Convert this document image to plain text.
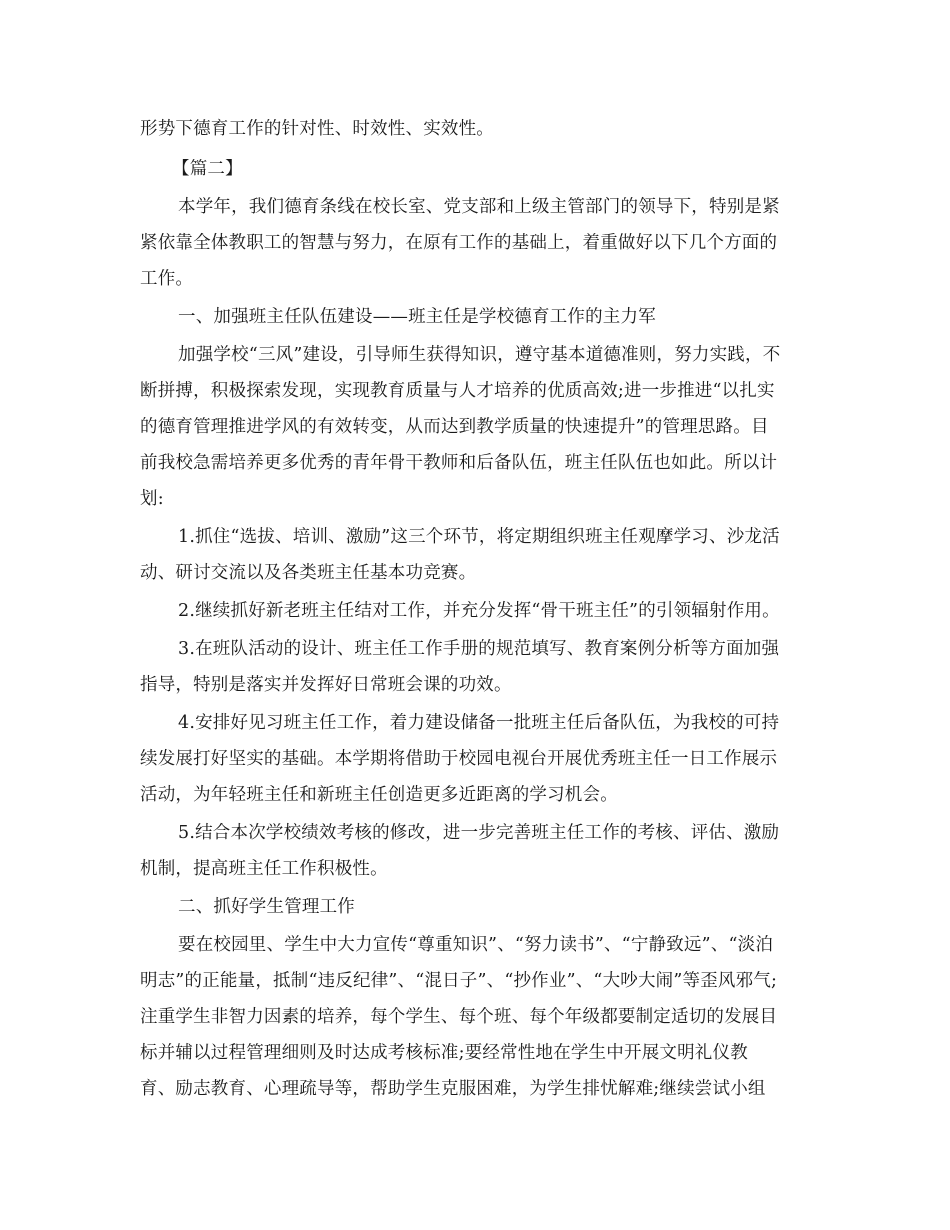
形势下德育工作的针对性、时效性、实效性。
【篇二】
本学年，我们德育条线在校长室、党支部和上级主管部门的领导下，特别是紧
紧依靠全体教职工的智慧与努力，在原有工作的基础上，着重做好以下几个方面的
工作。
一、加强班主任队伍建设——班主任是学校德育工作的主力军
加强学校“三风”建设，引导师生获得知识，遵守基本道德准则，努力实践，不
断拼搏，积极探索发现，实现教育质量与人才培养的优质高效;进一步推进“以扎实
的德育管理推进学风的有效转变，从而达到教学质量的快速提升”的管理思路。目
前我校急需培养更多优秀的青年骨干教师和后备队伍，班主任队伍也如此。所以计
划:
1.抓住“选拔、培训、激励”这三个环节，将定期组织班主任观摩学习、沙龙活
动、研讨交流以及各类班主任基本功竞赛。
2.继续抓好新老班主任结对工作，并充分发挥“骨干班主任”的引领辐射作用。
3.在班队活动的设计、班主任工作手册的规范填写、教育案例分析等方面加强
指导，特别是落实并发挥好日常班会课的功效。
4.安排好见习班主任工作，着力建设储备一批班主任后备队伍，为我校的可持
续发展打好坚实的基础。本学期将借助于校园电视台开展优秀班主任一日工作展示
活动，为年轻班主任和新班主任创造更多近距离的学习机会。
5.结合本次学校绩效考核的修改，进一步完善班主任工作的考核、评估、激励
机制，提高班主任工作积极性。
二、抓好学生管理工作
要在校园里、学生中大力宣传“尊重知识”、“努力读书”、“宁静致远”、“淡泊
明志”的正能量，抵制“违反纪律”、“混日子”、“抄作业”、“大吵大闹”等歪风邪气;
注重学生非智力因素的培养，每个学生、每个班、每个年级都要制定适切的发展目
标并辅以过程管理细则及时达成考核标准;要经常性地在学生中开展文明礼仪教
育、励志教育、心理疏导等，帮助学生克服困难，为学生排忧解难;继续尝试小组
